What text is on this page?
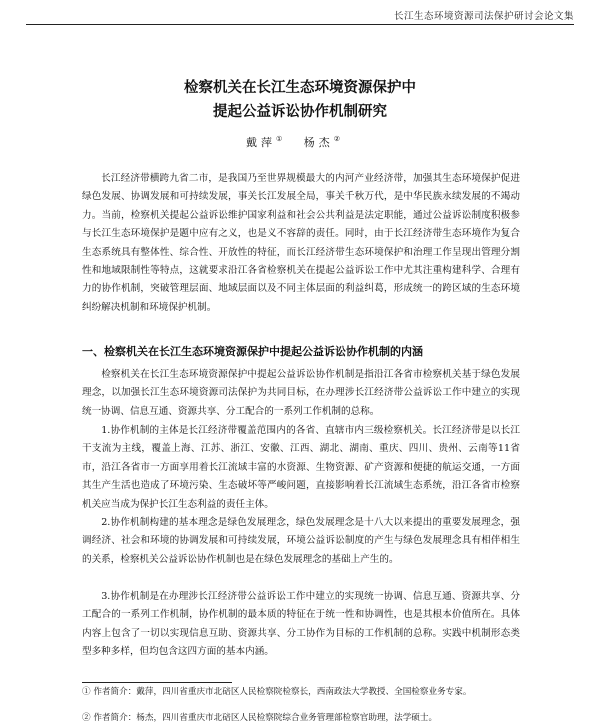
长江生态环境资源司法保护研讨会论文集
检察机关在长江生态环境资源保护中
提起公益诉讼协作机制研究
戴萍① 杨杰②

长江经济带横跨九省二市，是我国乃至世界规模最大的内河产业经济带，加强其生态环境保护促进绿色发展、协调发展和可持续发展，事关长江发展全局，事关千秋万代，是中华民族永续发展的不竭动力。当前，检察机关提起公益诉讼维护国家利益和社会公共利益是法定职能，通过公益诉讼制度积极参与长江生态环境保护是题中应有之义，也是义不容辞的责任。同时，由于长江经济带生态环境作为复合生态系统具有整体性、综合性、开放性的特征，而长江经济带生态环境保护和治理工作呈现出管理分割性和地域限制性等特点，这就要求沿江各省检察机关在提起公益诉讼工作中尤其注重构建科学、合理有力的协作机制，突破管理层面、地域层面以及不同主体层面的利益纠葛，形成统一的跨区域的生态环境纠纷解决机制和环境保护机制。

一、检察机关在长江生态环境资源保护中提起公益诉讼协作机制的内涵

检察机关在长江生态环境资源保护中提起公益诉讼协作机制是指沿江各省市检察机关基于绿色发展理念，以加强长江生态环境资源司法保护为共同目标，在办理涉长江经济带公益诉讼工作中建立的实现统一协调、信息互通、资源共享、分工配合的一系列工作机制的总称。

1.协作机制的主体是长江经济带覆盖范围内的各省、直辖市内三级检察机关。长江经济带是以长江干支流为主线，覆盖上海、江苏、浙江、安徽、江西、湖北、湖南、重庆、四川、贵州、云南等11省市，沿江各省市一方面享用着长江流域丰富的水资源、生物资源、矿产资源和便捷的航运交通，一方面其生产生活也造成了环境污染、生态破坏等严峻问题，直接影响着长江流域生态系统，沿江各省市检察机关应当成为保护长江生态利益的责任主体。

2.协作机制构建的基本理念是绿色发展理念，绿色发展理念是十八大以来提出的重要发展理念，强调经济、社会和环境的协调发展和可持续发展，环境公益诉讼制度的产生与绿色发展理念具有相伴相生的关系，检察机关公益诉讼协作机制也是在绿色发展理念的基础上产生的。

3.协作机制是在办理涉长江经济带公益诉讼工作中建立的实现统一协调、信息互通、资源共享、分工配合的一系列工作机制，协作机制的最本质的特征在于统一性和协调性，也是其根本价值所在。具体内容上包含了一切以实现信息互助、资源共享、分工协作为目标的工作机制的总称。实践中机制形态类型多种多样，但均包含这四方面的基本内涵。

① 作者简介：戴萍，四川省重庆市北碚区人民检察院检察长，西南政法大学教授、全国检察业务专家。

② 作者简介：杨杰，四川省重庆市北碚区人民检察院综合业务管理部检察官助理，法学硕士。
